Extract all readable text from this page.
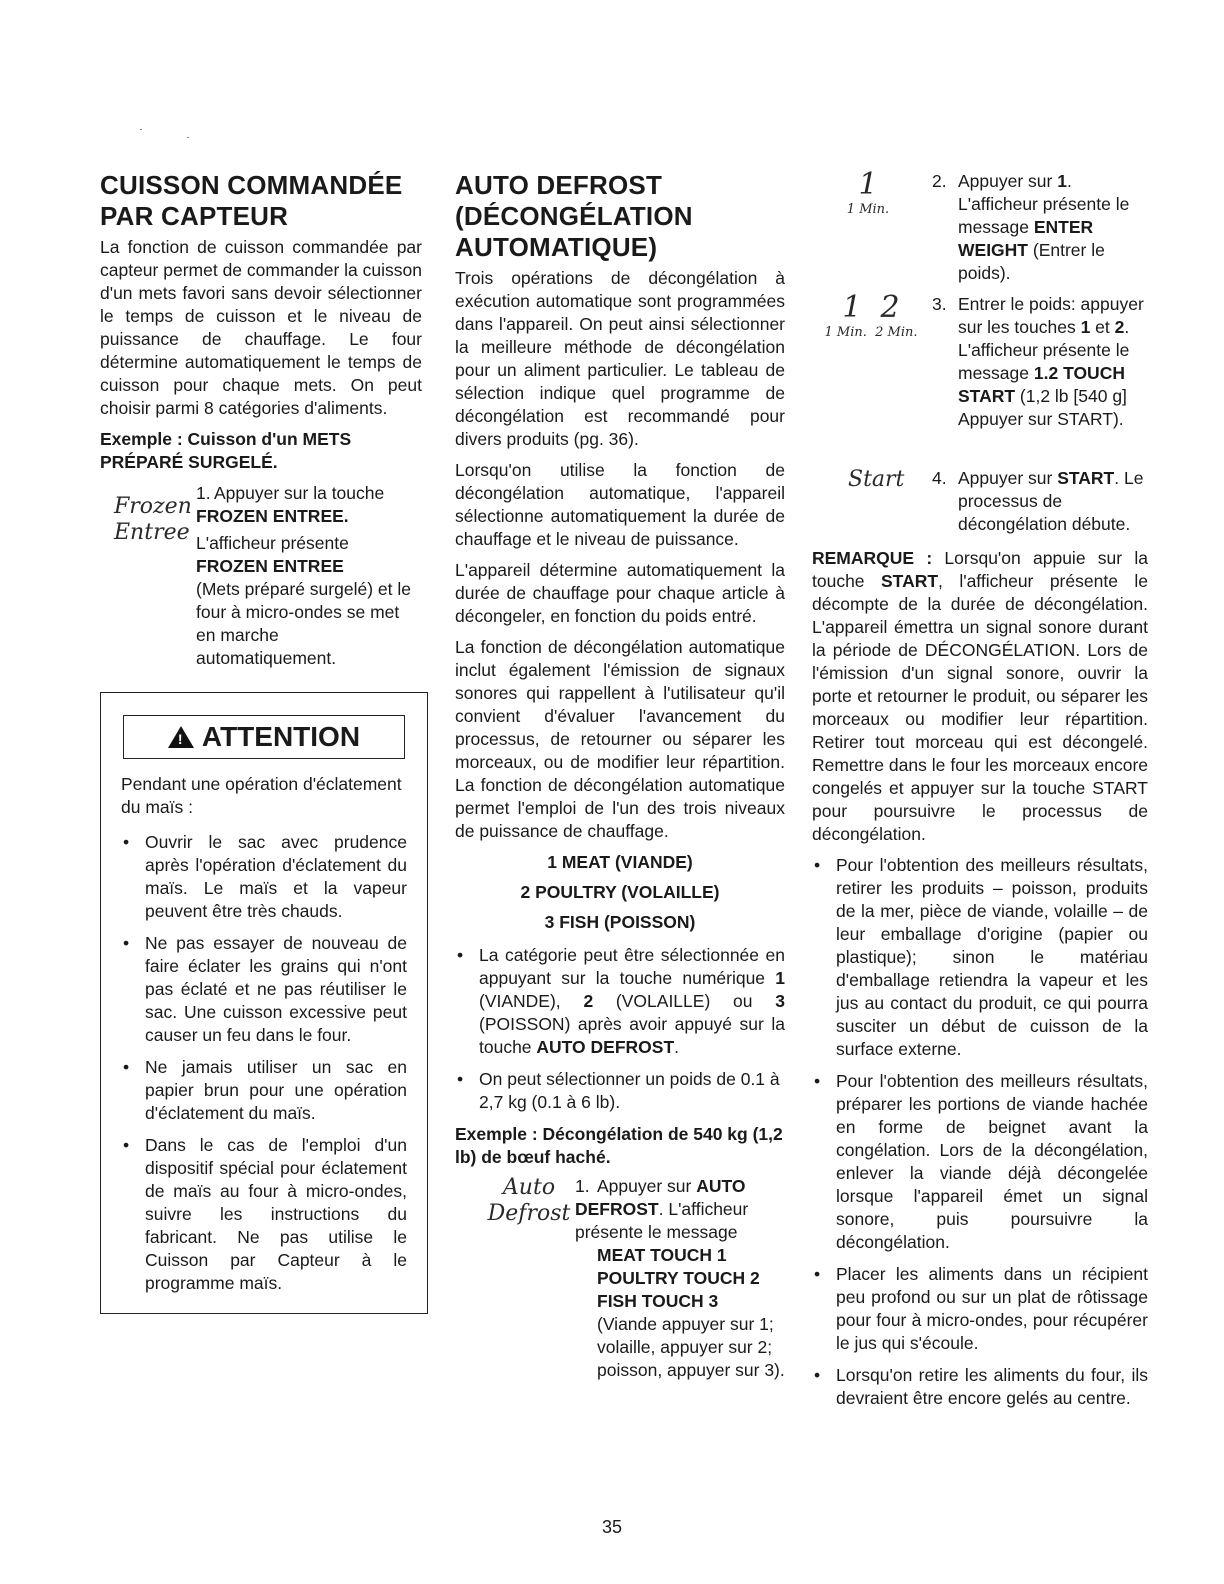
CUISSON COMMANDÉE
PAR CAPTEUR

La fonction de cuisson commandée par capteur permet de commander la cuisson d'un mets favori sans devoir sélectionner le temps de cuisson et le niveau de puissance de chauffage. Le four détermine automatiquement le temps de cuisson pour chaque mets. On peut choisir parmi 8 catégories d'aliments.

Exemple : Cuisson d'un METS PRÉPARÉ SURGELÉ.

Frozen
Entree
1. Appuyer sur la touche
FROZEN ENTREE.
L'afficheur présente
FROZEN ENTREE
(Mets préparé surgelé) et le four à micro-ondes se met en marche automatiquement.
!ATTENTION

Pendant une opération d'éclatement du maïs :

• Ouvrir le sac avec prudence après l'opération d'éclatement du maïs. Le maïs et la vapeur peuvent être très chauds.
• Ne pas essayer de nouveau de faire éclater les grains qui n'ont pas éclaté et ne pas réutiliser le sac. Une cuisson excessive peut causer un feu dans le four.
• Ne jamais utiliser un sac en papier brun pour une opération d'éclatement du maïs.
• Dans le cas de l'emploi d'un dispositif spécial pour éclatement de maïs au four à micro-ondes, suivre les instructions du fabricant. Ne pas utilise le Cuisson par Capteur à le programme maïs.
AUTO DEFROST
(DÉCONGÉLATION
AUTOMATIQUE)

Trois opérations de décongélation à exécution automatique sont programmées dans l'appareil. On peut ainsi sélectionner la meilleure méthode de décongélation pour un aliment particulier. Le tableau de sélection indique quel programme de décongélation est recommandé pour divers produits (pg. 36).

Lorsqu'on utilise la fonction de décongélation automatique, l'appareil sélectionne automatiquement la durée de chauffage et le niveau de puissance.

L'appareil détermine automatiquement la durée de chauffage pour chaque article à décongeler, en fonction du poids entré.

La fonction de décongélation automatique inclut également l'émission de signaux sonores qui rappellent à l'utilisateur qu'il convient d'évaluer l'avancement du processus, de retourner ou séparer les morceaux, ou de modifier leur répartition. La fonction de décongélation automatique permet l'emploi de l'un des trois niveaux de puissance de chauffage.

1 MEAT (VIANDE)
2 POULTRY (VOLAILLE)
3 FISH (POISSON)
• La catégorie peut être sélectionnée en appuyant sur la touche numérique 1 (VIANDE), 2 (VOLAILLE) ou 3 (POISSON) après avoir appuyé sur la touche AUTO DEFROST.
• On peut sélectionner un poids de 0.1 à 2,7 kg (0.1 à 6 lb).

Exemple : Décongélation de 540 kg (1,2 lb) de bœuf haché.

Auto
Defrost
1. Appuyer sur AUTO DEFROST. L'afficheur présente le message

MEAT TOUCH 1
POULTRY TOUCH 2
FISH TOUCH 3
(Viande appuyer sur 1; volaille, appuyer sur 2; poisson, appuyer sur 3).
1

1 Min.
2. Appuyer sur 1. L'afficheur présente le message ENTER WEIGHT (Entrer le poids).
1  2

1 Min.  2 Min.
3. Entrer le poids: appuyer sur les touches 1 et 2. L'afficheur présente le message 1.2 TOUCH START (1,2 lb [540 g] Appuyer sur START).
Start 4. Appuyer sur START. Le processus de décongélation débute.

REMARQUE : Lorsqu'on appuie sur la touche START, l'afficheur présente le décompte de la durée de décongélation. L'appareil émettra un signal sonore durant la période de DÉCONGÉLATION. Lors de l'émission d'un signal sonore, ouvrir la porte et retourner le produit, ou séparer les morceaux ou modifier leur répartition. Retirer tout morceau qui est décongelé. Remettre dans le four les morceaux encore congelés et appuyer sur la touche START pour poursuivre le processus de décongélation.

• Pour l'obtention des meilleurs résultats, retirer les produits – poisson, produits de la mer, pièce de viande, volaille – de leur emballage d'origine (papier ou plastique); sinon le matériau d'emballage retiendra la vapeur et les jus au contact du produit, ce qui pourra susciter un début de cuisson de la surface externe.
• Pour l'obtention des meilleurs résultats, préparer les portions de viande hachée en forme de beignet avant la congélation. Lors de la décongélation, enlever la viande déjà décongelée lorsque l'appareil émet un signal sonore, puis poursuivre la décongélation.
• Placer les aliments dans un récipient peu profond ou sur un plat de rôtissage pour four à micro-ondes, pour récupérer le jus qui s'écoule.
• Lorsqu'on retire les aliments du four, ils devraient être encore gelés au centre.
35
